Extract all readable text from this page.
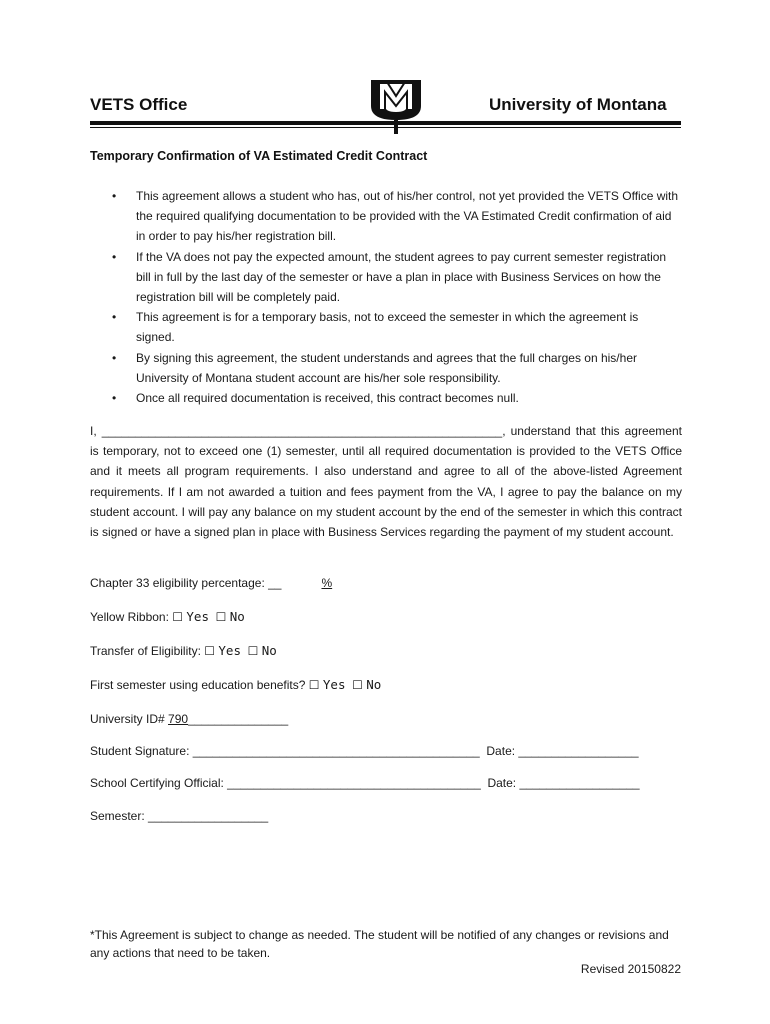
VETS Office	University of Montana
Temporary Confirmation of VA Estimated Credit Contract
• This agreement allows a student who has, out of his/her control, not yet provided the VETS Office with the required qualifying documentation to be provided with the VA Estimated Credit confirmation of aid in order to pay his/her registration bill.
• If the VA does not pay the expected amount, the student agrees to pay current semester registration bill in full by the last day of the semester or have a plan in place with Business Services on how the registration bill will be completely paid.
• This agreement is for a temporary basis, not to exceed the semester in which the agreement is signed.
• By signing this agreement, the student understands and agrees that the full charges on his/her University of Montana student account are his/her sole responsibility.
• Once all required documentation is received, this contract becomes null.

I, ____________________________________________________________, understand that this agreement is temporary, not to exceed one (1) semester, until all required documentation is provided to the VETS Office and it meets all program requirements. I also understand and agree to all of the above-listed Agreement requirements. If I am not awarded a tuition and fees payment from the VA, I agree to pay the balance on my student account. I will pay any balance on my student account by the end of the semester in which this contract is signed or have a signed plan in place with Business Services regarding the payment of my student account.

Chapter 33 eligibility percentage: __	%
Yellow Ribbon: ☐ Yes ☐ No
Transfer of Eligibility: ☐ Yes ☐ No
First semester using education benefits? ☐ Yes ☐ No
University ID# 790_______________
Student Signature: ___________________________________________ Date: __________________
School Certifying Official: ______________________________________ Date: __________________
Semester: __________________

*This Agreement is subject to change as needed. The student will be notified of any changes or revisions and any actions that need to be taken.

Revised 20150822
